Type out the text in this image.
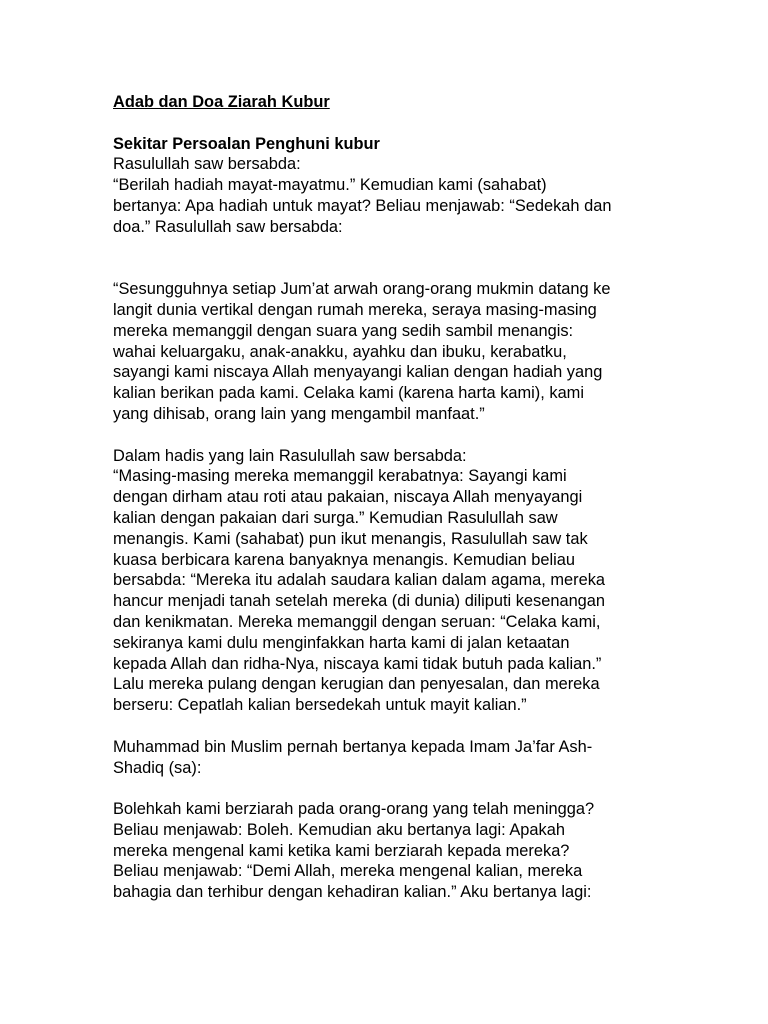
Adab dan Doa Ziarah Kubur
Sekitar Persoalan Penghuni kubur
Rasulullah saw bersabda:
“Berilah hadiah mayat-mayatmu.” Kemudian kami (sahabat)
bertanya: Apa hadiah untuk mayat? Beliau menjawab: “Sedekah dan
doa.” Rasulullah saw bersabda:
“Sesungguhnya setiap Jum’at arwah orang-orang mukmin datang ke
langit dunia vertikal dengan rumah mereka, seraya masing-masing
mereka memanggil dengan suara yang sedih sambil menangis:
wahai keluargaku, anak-anakku, ayahku dan ibuku, kerabatku,
sayangi kami niscaya Allah menyayangi kalian dengan hadiah yang
kalian berikan pada kami. Celaka kami (karena harta kami), kami
yang dihisab, orang lain yang mengambil manfaat.”
Dalam hadis yang lain Rasulullah saw bersabda:
“Masing-masing mereka memanggil kerabatnya: Sayangi kami
dengan dirham atau roti atau pakaian, niscaya Allah menyayangi
kalian dengan pakaian dari surga.” Kemudian Rasulullah saw
menangis. Kami (sahabat) pun ikut menangis, Rasulullah saw tak
kuasa berbicara karena banyaknya menangis. Kemudian beliau
bersabda: “Mereka itu adalah saudara kalian dalam agama, mereka
hancur menjadi tanah setelah mereka (di dunia) diliputi kesenangan
dan kenikmatan. Mereka memanggil dengan seruan: “Celaka kami,
sekiranya kami dulu menginfakkan harta kami di jalan ketaatan
kepada Allah dan ridha-Nya, niscaya kami tidak butuh pada kalian.”
Lalu mereka pulang dengan kerugian dan penyesalan, dan mereka
berseru: Cepatlah kalian bersedekah untuk mayit kalian.”
Muhammad bin Muslim pernah bertanya kepada Imam Ja’far Ash-
Shadiq (sa):
Bolehkah kami berziarah pada orang-orang yang telah meningga?
Beliau menjawab: Boleh. Kemudian aku bertanya lagi: Apakah
mereka mengenal kami ketika kami berziarah kepada mereka?
Beliau menjawab: “Demi Allah, mereka mengenal kalian, mereka
bahagia dan terhibur dengan kehadiran kalian.” Aku bertanya lagi:
